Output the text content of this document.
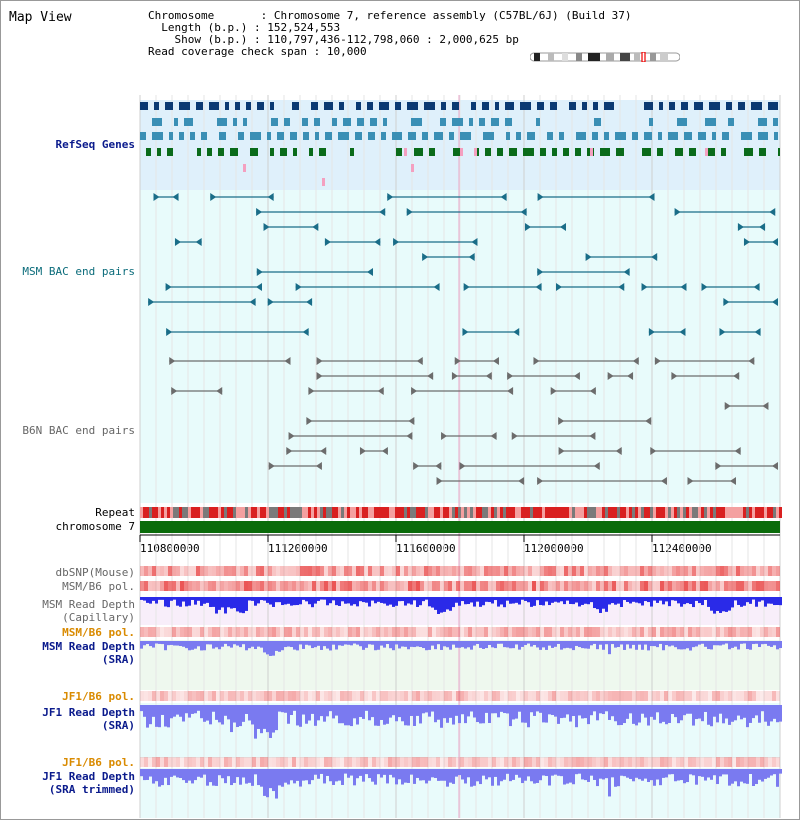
Map View	Chromosome       : Chromosome 7, reference assembly (C57BL/6J) (Build 37)
Length (b.p.) : 152,524,553
Show (b.p.) : 110,797,436-112,798,060 : 2,000,625 bp
Read coverage check span : 10,000
RefSeq Genes
MSM BAC end pairs
B6N BAC end pairs
Repeat
chromosome 7
dbSNP(Mouse)
MSM/B6 pol.
MSM Read Depth
(Capillary)
MSM/B6 pol.
MSM Read Depth
(SRA)
JF1/B6 pol.
JF1 Read Depth
(SRA)
JF1/B6 pol.
JF1 Read Depth
(SRA trimmed)
110800000	111200000	111600000	112000000	112400000
